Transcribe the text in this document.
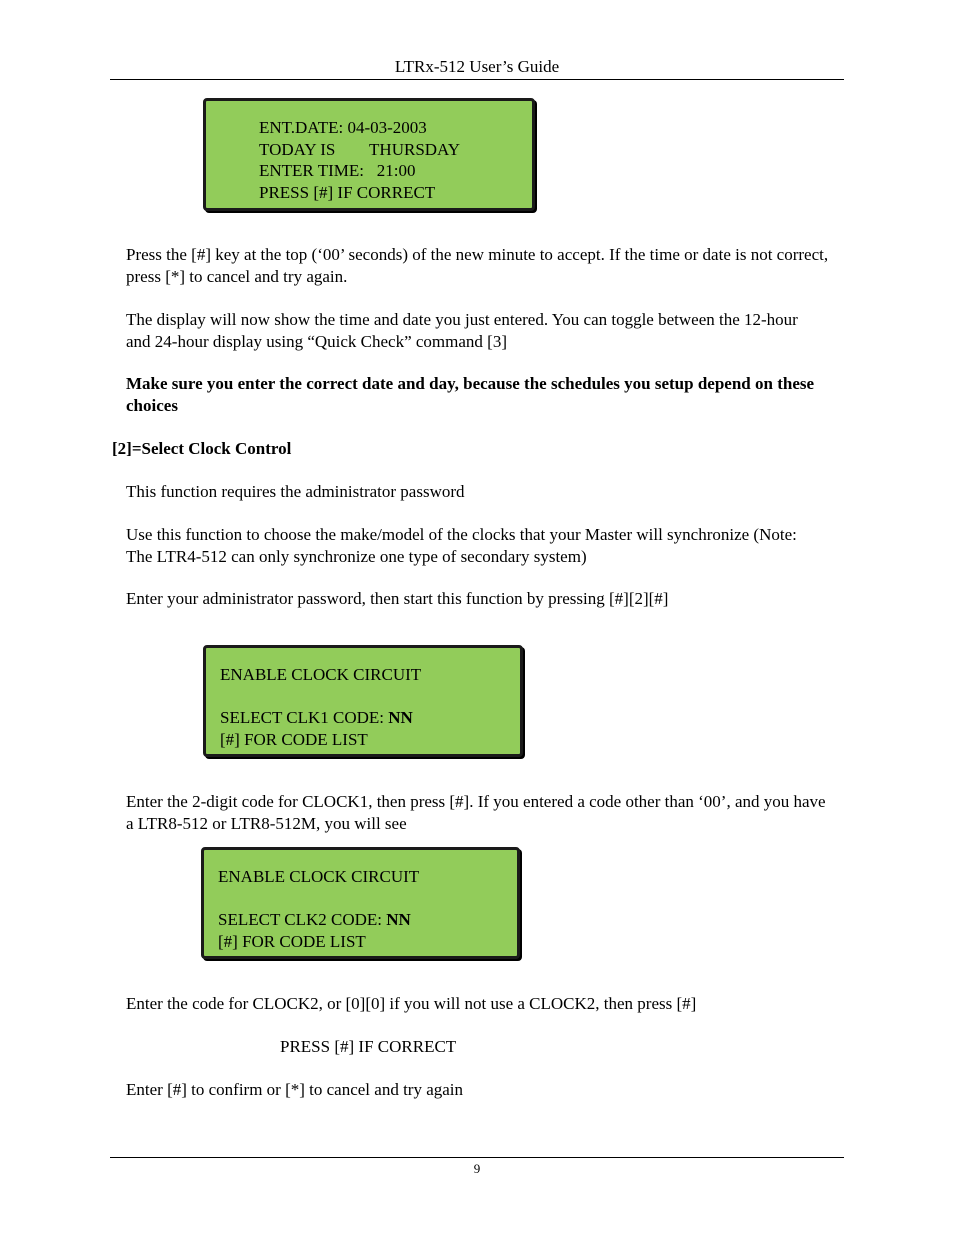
LTRx-512 User’s Guide
ENT.DATE: 04-03-2003
TODAY IS        THURSDAY
ENTER TIME:   21:00
PRESS [#] IF CORRECT
Press the [#] key at the top (‘00’ seconds) of the new minute to accept. If the time or date is not correct, press [*] to cancel and try again.
The display will now show the time and date you just entered. You can toggle between the 12-hour and 24-hour display using “Quick Check” command [3]
Make sure you enter the correct date and day, because the schedules you setup depend on these choices
[2]=Select Clock Control
This function requires the administrator password
Use this function to choose the make/model of the clocks that your Master will synchronize (Note: The LTR4-512 can only synchronize one type of secondary system)
Enter your administrator password, then start this function by pressing [#][2][#]
ENABLE CLOCK CIRCUIT

SELECT CLK1 CODE: NN
[#] FOR CODE LIST
Enter the 2-digit code for CLOCK1, then press [#]. If you entered a code other than ‘00’, and you have a LTR8-512 or LTR8-512M, you will see
ENABLE CLOCK CIRCUIT

SELECT CLK2 CODE: NN
[#] FOR CODE LIST
Enter the code for CLOCK2, or [0][0] if you will not use a CLOCK2, then press [#]
PRESS [#] IF CORRECT
Enter [#] to confirm or [*] to cancel and try again
9
